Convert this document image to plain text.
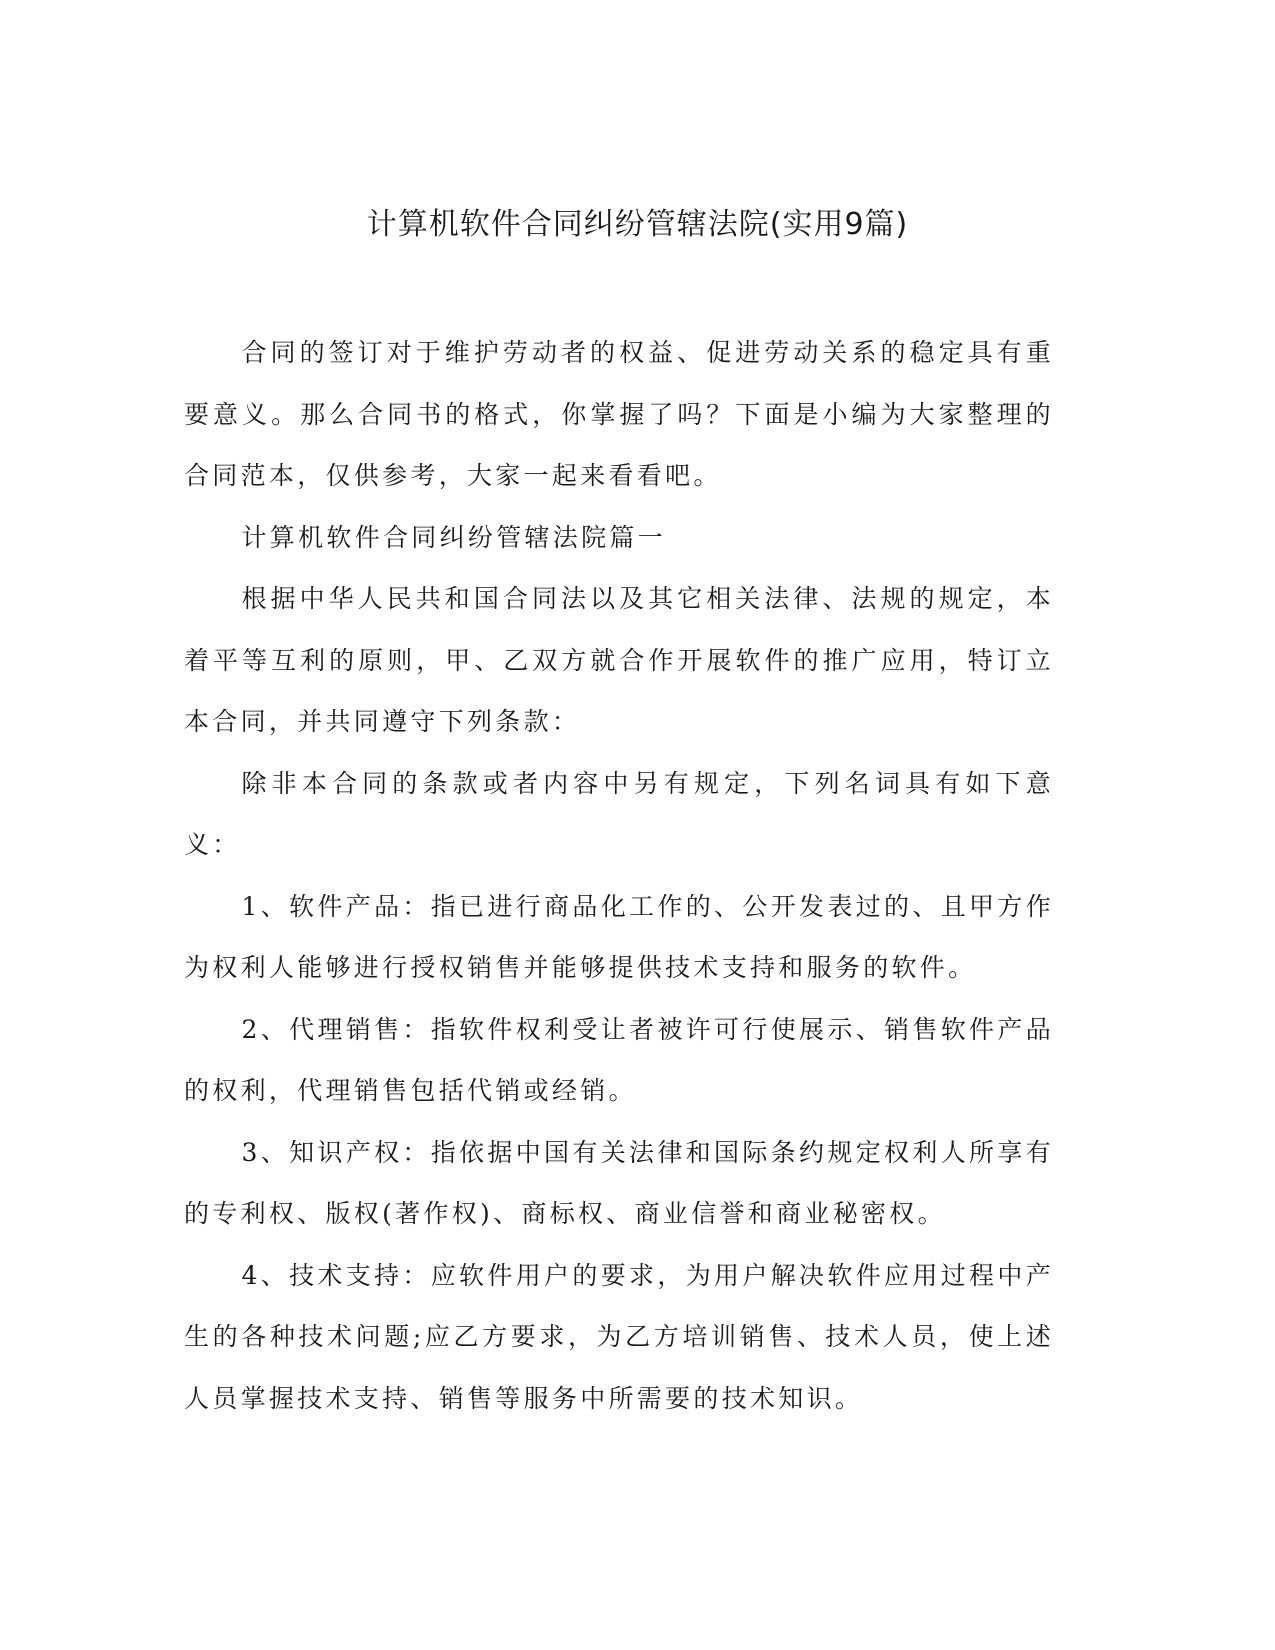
计算机软件合同纠纷管辖法院(实用9篇)

合同的签订对于维护劳动者的权益、促进劳动关系的稳定具有重要意义。那么合同书的格式，你掌握了吗？下面是小编为大家整理的合同范本，仅供参考，大家一起来看看吧。

计算机软件合同纠纷管辖法院篇一

根据中华人民共和国合同法以及其它相关法律、法规的规定，本着平等互利的原则，甲、乙双方就合作开展软件的推广应用，特订立本合同，并共同遵守下列条款：

除非本合同的条款或者内容中另有规定，下列名词具有如下意义：

1、软件产品：指已进行商品化工作的、公开发表过的、且甲方作为权利人能够进行授权销售并能够提供技术支持和服务的软件。

2、代理销售：指软件权利受让者被许可行使展示、销售软件产品的权利，代理销售包括代销或经销。

3、知识产权：指依据中国有关法律和国际条约规定权利人所享有的专利权、版权(著作权)、商标权、商业信誉和商业秘密权。

4、技术支持：应软件用户的要求，为用户解决软件应用过程中产生的各种技术问题;应乙方要求，为乙方培训销售、技术人员，使上述人员掌握技术支持、销售等服务中所需要的技术知识。
